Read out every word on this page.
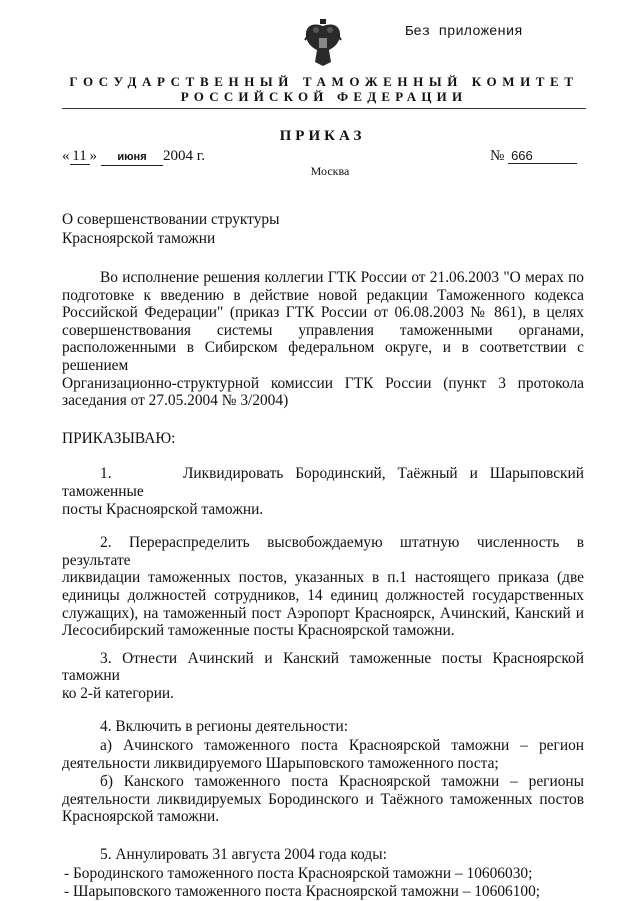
Без приложения
ГОСУДАРСТВЕННЫЙ ТАМОЖЕННЫЙ КОМИТЕТ
РОССИЙСКОЙ ФЕДЕРАЦИИ
ПРИКАЗ
« 11 » июня 2004 г.	№ 666
Москва
О совершенствовании структуры
Красноярской таможни
Во исполнение решения коллегии ГТК России от 21.06.2003 "О мерах по
подготовке к введению в действие новой редакции Таможенного кодекса
Российской Федерации" (приказ ГТК России от 06.08.2003 № 861), в целях
совершенствования системы управления таможенными органами,
расположенными в Сибирском федеральном округе, и в соответствии с решением
Организационно-структурной комиссии ГТК России (пункт 3 протокола
заседания от 27.05.2004 № 3/2004)
ПРИКАЗЫВАЮ:
1.      Ликвидировать Бородинский, Таёжный и Шарыповский таможенные
посты Красноярской таможни.
2. Перераспределить высвобождаемую штатную численность в результате
ликвидации таможенных постов, указанных в п.1 настоящего приказа (две
единицы должностей сотрудников, 14 единиц должностей государственных
служащих), на таможенный пост Аэропорт Красноярск, Ачинский, Канский и
Лесосибирский таможенные посты Красноярской таможни.
3. Отнести Ачинский и Канский таможенные посты Красноярской таможни
ко 2-й категории.
4. Включить в регионы деятельности:
а) Ачинского таможенного поста Красноярской таможни – регион
деятельности ликвидируемого Шарыповского таможенного поста;
б) Канского таможенного поста Красноярской таможни – регионы
деятельности ликвидируемых Бородинского и Таёжного таможенных постов
Красноярской таможни.
5. Аннулировать 31 августа 2004 года коды:
- Бородинского таможенного поста Красноярской таможни – 10606030;
- Шарыповского таможенного поста Красноярской таможни – 10606100;
